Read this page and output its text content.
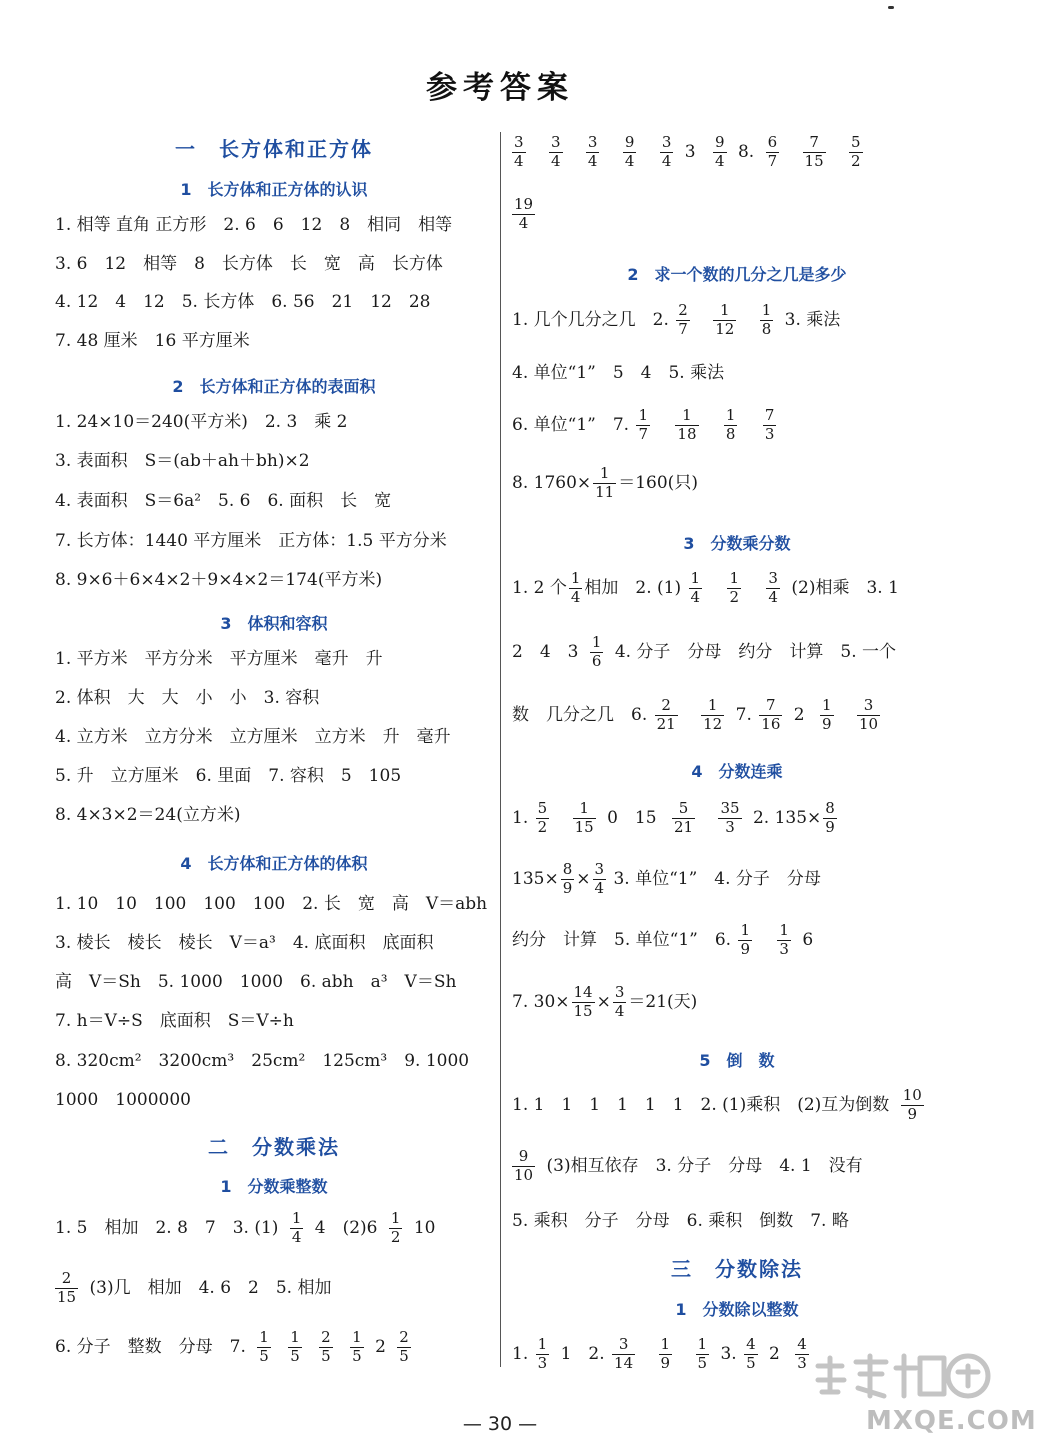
参考答案
一　长方体和正方体
1　长方体和正方体的认识
1. 相等 直角 正方形　2. 6　6　12　8　相同　相等
3. 6　12　相等　8　长方体　长　宽　高　长方体
4. 12　4　12　5. 长方体　6. 56　21　12　28
7. 48 厘米　16 平方厘米
2　长方体和正方体的表面积
1. 24×10＝240(平方米)　2. 3　乘 2
3. 表面积　S＝(ab＋ah＋bh)×2
4. 表面积　S＝6a²　5. 6　6. 面积　长　宽
7. 长方体：1440 平方厘米　正方体：1.5 平方分米
8. 9×6＋6×4×2＋9×4×2＝174(平方米)
3　体积和容积
1. 平方米　平方分米　平方厘米　毫升　升
2. 体积　大　大　小　小　3. 容积
4. 立方米　立方分米　立方厘米　立方米　升　毫升
5. 升　立方厘米　6. 里面　7. 容积　5　105
8. 4×3×2＝24(立方米)
4　长方体和正方体的体积
1. 10　10　100　100　100　2. 长　宽　高　V＝abh
3. 棱长　棱长　棱长　V＝a³　4. 底面积　底面积
高　V＝Sh　5. 1000　1000　6. abh　a³　V＝Sh
7. h＝V÷S　底面积　S＝V÷h
8. 320cm²　3200cm³　25cm²　125cm³　9. 1000
1000　1000000
二　分数乘法
1　分数乘整数
1. 5　相加　2. 8　7　3. $(1) \frac{1}{4} 4$　$(2)6 \frac{1}{2} 10$
$\frac{2}{15} (3)$几　相加　4. 6　2　5. 相加
6. 分子　整数　分母　7. $\frac{1}{5}$
$\frac{1}{5}$
$\frac{2}{5}$
$\frac{1}{5} 2 \frac{2}{5}$
$\frac{3}{4}$
$\frac{3}{4}$
$\frac{3}{4}$
$\frac{9}{4}$
$\frac{3}{4} 3 \frac{9}{4} 8$. $\frac{6}{7}$
$\frac{7}{15}$
$\frac{5}{2}$
$\frac{19}{4}$
2　求一个数的几分之几是多少
1. 几个几分之几　2. $\frac{2}{7}$
$\frac{1}{12}$
$\frac{1}{8} 3$. 乘法
4. 单位“1”　5　4　5. 乘法
6. 单位“1”　7. $\frac{1}{7}$
$\frac{1}{18}$
$\frac{1}{8}$
$\frac{7}{3}$
8. $1760\times \frac{1}{11} =160$(只)
3　分数乘分数
1. 2 个 $\frac{1}{4}$ 相加　2. $(1) \frac{1}{4}$
$\frac{1}{2}$
$\frac{3}{4} (2)$相乘　3. 1
2　4　$3 \frac{1}{6} 4$. 分子　分母　约分　计算　5. 一个
数　几分之几　6. $\frac{2}{21}$
$\frac{1}{12} 7$. $\frac{7}{16} 2 \frac{1}{9}$
$\frac{3}{10}$
4　分数连乘
1. $\frac{5}{2}$
$\frac{1}{15} 0$　$15 \frac{5}{21}$
$\frac{35}{3} 2$. $135\times \frac{8}{9}$
$135\times \frac{8}{9} \times \frac{3}{4} 3$. 单位“1”　4. 分子　分母
约分　计算　5. 单位“1”　6. $\frac{1}{9}$
$\frac{1}{3} 6$
7. $30\times \frac{14}{15} \times \frac{3}{4} =21$(天)
5　倒　数
1. 1　1　1　1　1　1　2. (1)乘积　(2)互为倒数 $\frac{10}{9}$
$\frac{9}{10} (3)$相互依存　3. 分子　分母　4. 1　没有
5. 乘积　分子　分母　6. 乘积　倒数　7. 略
三　分数除法
1　分数除以整数
1. $\frac{1}{3} 1$　2. $\frac{3}{14}$
$\frac{1}{9}$
$\frac{1}{5} 3$. $\frac{4}{5} 2 \frac{4}{3}$
— 30 —	MXQE.COM
